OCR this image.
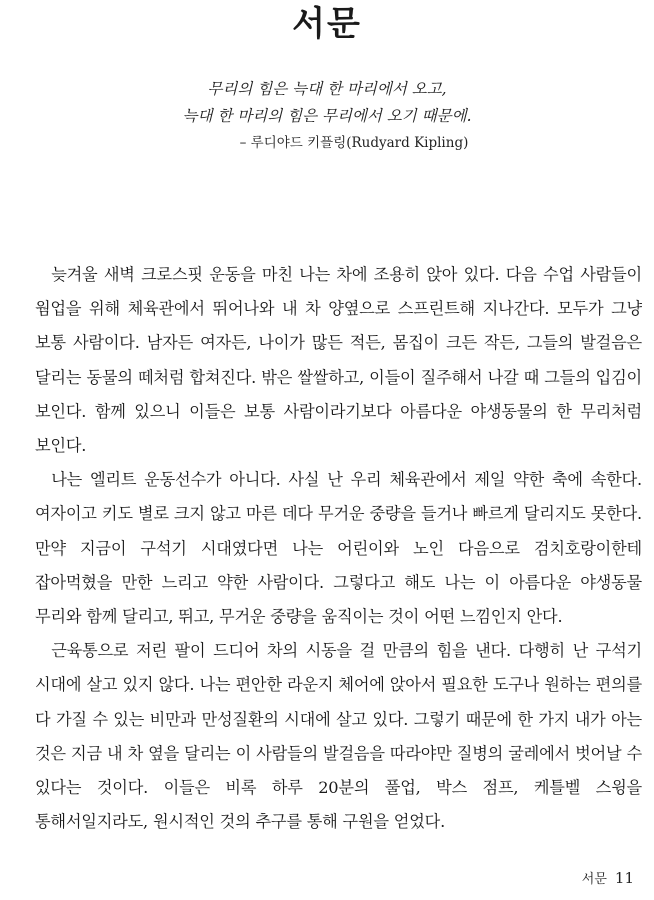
서문

무리의 힘은 늑대 한 마리에서 오고,

늑대 한 마리의 힘은 무리에서 오기 때문에.

– 루디야드 키플링(Rudyard Kipling)

늦겨울 새벽 크로스핏 운동을 마친 나는 차에 조용히 앉아 있다. 다음 수업 사람들이 웜업을 위해 체육관에서 뛰어나와 내 차 양옆으로 스프린트해 지나간다. 모두가 그냥 보통 사람이다. 남자든 여자든, 나이가 많든 적든, 몸집이 크든 작든, 그들의 발걸음은 달리는 동물의 떼처럼 합쳐진다. 밖은 쌀쌀하고, 이들이 질주해서 나갈 때 그들의 입김이 보인다. 함께 있으니 이들은 보통 사람이라기보다 아름다운 야생동물의 한 무리처럼 보인다.

나는 엘리트 운동선수가 아니다. 사실 난 우리 체육관에서 제일 약한 축에 속한다. 여자이고 키도 별로 크지 않고 마른 데다 무거운 중량을 들거나 빠르게 달리지도 못한다. 만약 지금이 구석기 시대였다면 나는 어린이와 노인 다음으로 검치호랑이한테 잡아먹혔을 만한 느리고 약한 사람이다. 그렇다고 해도 나는 이 아름다운 야생동물 무리와 함께 달리고, 뛰고, 무거운 중량을 움직이는 것이 어떤 느낌인지 안다.

근육통으로 저린 팔이 드디어 차의 시동을 걸 만큼의 힘을 낸다. 다행히 난 구석기 시대에 살고 있지 않다. 나는 편안한 라운지 체어에 앉아서 필요한 도구나 원하는 편의를 다 가질 수 있는 비만과 만성질환의 시대에 살고 있다. 그렇기 때문에 한 가지 내가 아는 것은 지금 내 차 옆을 달리는 이 사람들의 발걸음을 따라야만 질병의 굴레에서 벗어날 수 있다는 것이다. 이들은 비록 하루 20분의 풀업, 박스 점프, 케틀벨 스윙을 통해서일지라도, 원시적인 것의 추구를 통해 구원을 얻었다.

서문 11
